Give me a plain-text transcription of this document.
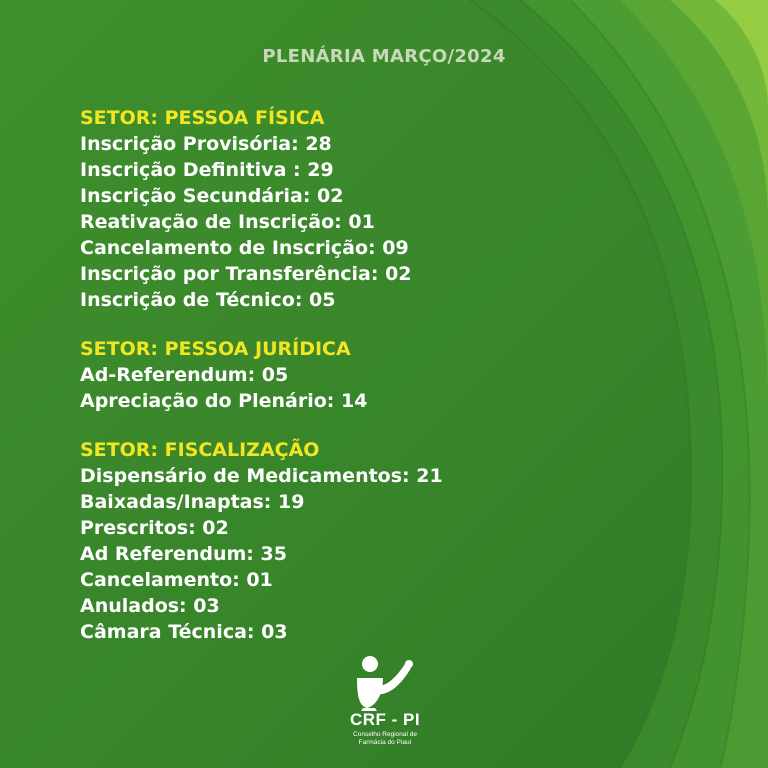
PLENÁRIA MARÇO/2024
SETOR: PESSOA FÍSICA
Inscrição Provisória: 28
Inscrição Definitiva : 29
Inscrição Secundária: 02
Reativação de Inscrição: 01
Cancelamento de Inscrição: 09
Inscrição por Transferência: 02
Inscrição de Técnico: 05
SETOR: PESSOA JURÍDICA
Ad-Referendum: 05
Apreciação do Plenário: 14
SETOR: FISCALIZAÇÃO
Dispensário de Medicamentos: 21
Baixadas/Inaptas: 19
Prescritos: 02
Ad Referendum: 35
Cancelamento: 01
Anulados: 03
Câmara Técnica: 03
CRF - PI
Conselho Regional de
Farmácia do Piauí
